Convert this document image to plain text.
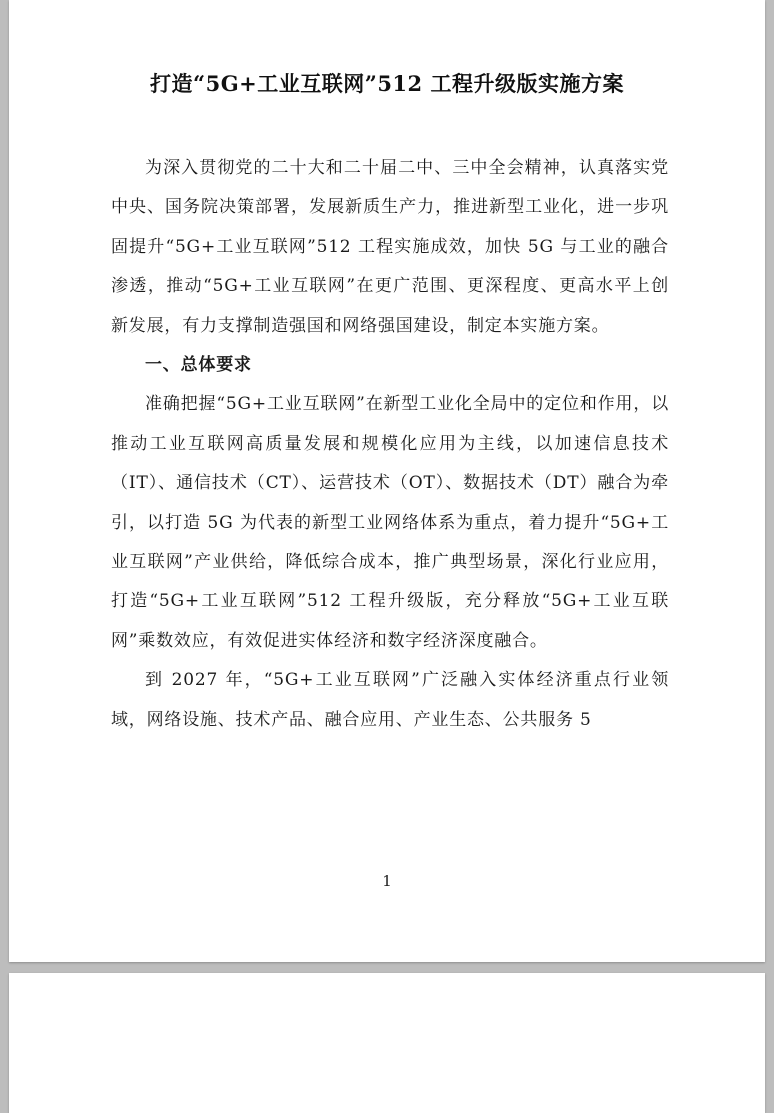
打造“5G+工业互联网”512 工程升级版实施方案

为深入贯彻党的二十大和二十届二中、三中全会精神，认真落实党中央、国务院决策部署，发展新质生产力，推进新型工业化，进一步巩固提升“5G+工业互联网”512 工程实施成效，加快 5G 与工业的融合渗透，推动“5G+工业互联网”在更广范围、更深程度、更高水平上创新发展，有力支撑制造强国和网络强国建设，制定本实施方案。

一、总体要求

准确把握“5G+工业互联网”在新型工业化全局中的定位和作用，以推动工业互联网高质量发展和规模化应用为主线，以加速信息技术（IT）、通信技术（CT）、运营技术（OT）、数据技术（DT）融合为牵引，以打造 5G 为代表的新型工业网络体系为重点，着力提升“5G+工业互联网”产业供给，降低综合成本，推广典型场景，深化行业应用，打造“5G+工业互联网”512 工程升级版，充分释放“5G+工业互联网”乘数效应，有效促进实体经济和数字经济深度融合。

到 2027 年，“5G+工业互联网”广泛融入实体经济重点行业领域，网络设施、技术产品、融合应用、产业生态、公共服务 5

1
